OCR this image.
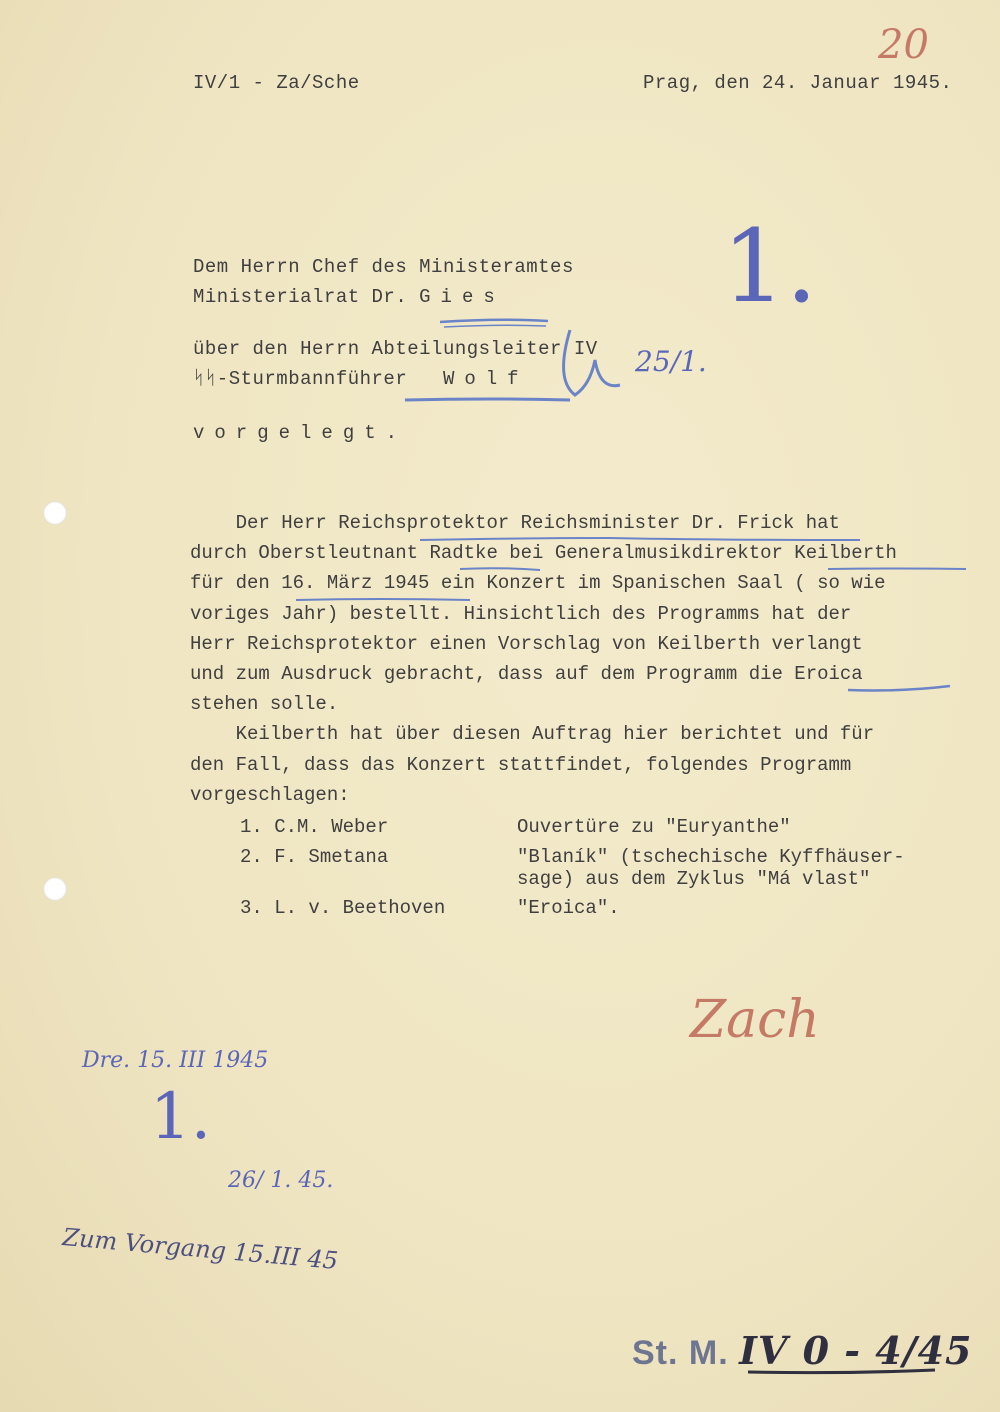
IV/1 - Za/Sche	Prag, den 24. Januar 1945.
20
Dem Herrn Chef des Ministeramtes
Ministerialrat Dr. Gies
über den Herrn Abteilungsleiter IV
ᛋᛋ-Sturmbannführer Wolf
vorgelegt.

Der Herr Reichsprotektor Reichsminister Dr. Frick hat

durch Oberstleutnant Radtke bei Generalmusikdirektor Keilberth

für den 16. März 1945 ein Konzert im Spanischen Saal ( so wie

voriges Jahr) bestellt. Hinsichtlich des Programms hat der

Herr Reichsprotektor einen Vorschlag von Keilberth verlangt

und zum Ausdruck gebracht, dass auf dem Programm die Eroica

stehen solle.

Keilberth hat über diesen Auftrag hier berichtet und für

den Fall, dass das Konzert stattfindet, folgendes Programm

vorgeschlagen:

1. C.M. Weber	Ouvertüre zu "Euryanthe"
2. F. Smetana	"Blaník" (tschechische Kyffhäuser-
sage) aus dem Zyklus "Má vlast"
3. L. v. Beethoven	"Eroica".
1.
25/1.
Zach
Dre. 15. III 1945
1.
26/ 1. 45.
Zum Vorgang 15.III 45
St. M. IV 0 - 4/45
